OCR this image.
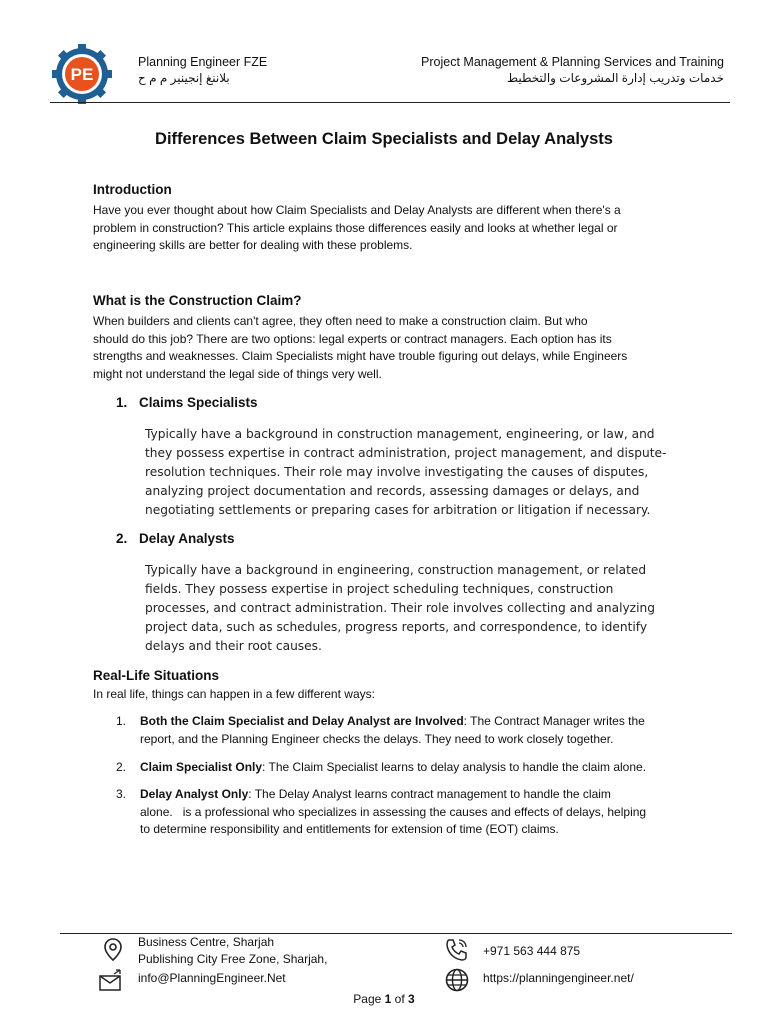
PE
Planning Engineer FZE
بلاننغ إنجينير م م ح
Project Management & Planning Services and Training
خدمات وتدريب إدارة المشروعات والتخطيط
Differences Between Claim Specialists and Delay Analysts
Introduction
Have you ever thought about how Claim Specialists and Delay Analysts are different when there's a
problem in construction? This article explains those differences easily and looks at whether legal or
engineering skills are better for dealing with these problems.
What is the Construction Claim?
When builders and clients can't agree, they often need to make a construction claim. But who
should do this job? There are two options: legal experts or contract managers. Each option has its
strengths and weaknesses. Claim Specialists might have trouble figuring out delays, while Engineers
might not understand the legal side of things very well.
1. Claims Specialists
Typically have a background in construction management, engineering, or law, and
they possess expertise in contract administration, project management, and dispute-
resolution techniques. Their role may involve investigating the causes of disputes,
analyzing project documentation and records, assessing damages or delays, and
negotiating settlements or preparing cases for arbitration or litigation if necessary.
2. Delay Analysts
Typically have a background in engineering, construction management, or related
fields. They possess expertise in project scheduling techniques, construction
processes, and contract administration. Their role involves collecting and analyzing
project data, such as schedules, progress reports, and correspondence, to identify
delays and their root causes.
Real-Life Situations
In real life, things can happen in a few different ways:
1. Both the Claim Specialist and Delay Analyst are Involved: The Contract Manager writes the
report, and the Planning Engineer checks the delays. They need to work closely together.
2. Claim Specialist Only: The Claim Specialist learns to delay analysis to handle the claim alone.
3. Delay Analyst Only: The Delay Analyst learns contract management to handle the claim
alone.   is a professional who specializes in assessing the causes and effects of delays, helping
to determine responsibility and entitlements for extension of time (EOT) claims.
Business Centre, Sharjah
Publishing City Free Zone, Sharjah,
info@PlanningEngineer.Net
+971 563 444 875
https://planningengineer.net/
Page 1 of 3
